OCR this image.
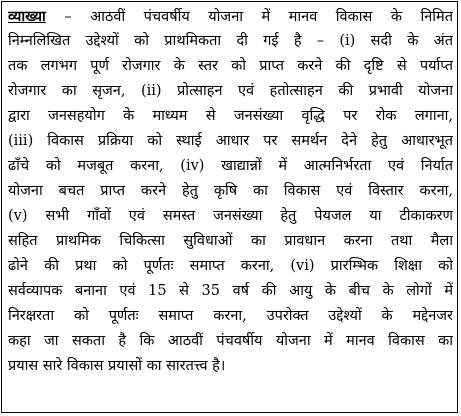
व्याख्या – आठवीं पंचवर्षीय योजना में मानव विकास के निमित
निम्नलिखित उद्देश्यों को प्राथमिकता दी गई है – (i) सदी के अंत
तक लगभग पूर्ण रोजगार के स्तर को प्राप्त करने की दृष्टि से पर्याप्त
रोजगार का सृजन, (ii) प्रोत्साहन एवं हतोत्साहन की प्रभावी योजना
द्वारा जनसहयोग के माध्यम से जनसंख्या वृद्धि पर रोक लगाना,
(iii) विकास प्रक्रिया को स्थाई आधार पर समर्थन देने हेतु आधारभूत
ढाँचे को मजबूत करना, (iv) खाद्यान्नों में आत्मनिर्भरता एवं निर्यात
योजना बचत प्राप्त करने हेतु कृषि का विकास एवं विस्तार करना,
(v) सभी गाँवों एवं समस्त जनसंख्या हेतु पेयजल या टीकाकरण
सहित प्राथमिक चिकित्सा सुविधाओं का प्रावधान करना तथा मैला
ढोने की प्रथा को पूर्णतः समाप्त करना, (vi) प्रारम्भिक शिक्षा को
सर्वव्यापक बनाना एवं 15 से 35 वर्ष की आयु के बीच के लोगों में
निरक्षरता को पूर्णतः समाप्त करना, उपरोक्त उद्देश्यों के मद्देनजर
कहा जा सकता है कि आठवीं पंचवर्षीय योजना में मानव विकास का
प्रयास सारे विकास प्रयासों का सारतत्त्व है।
